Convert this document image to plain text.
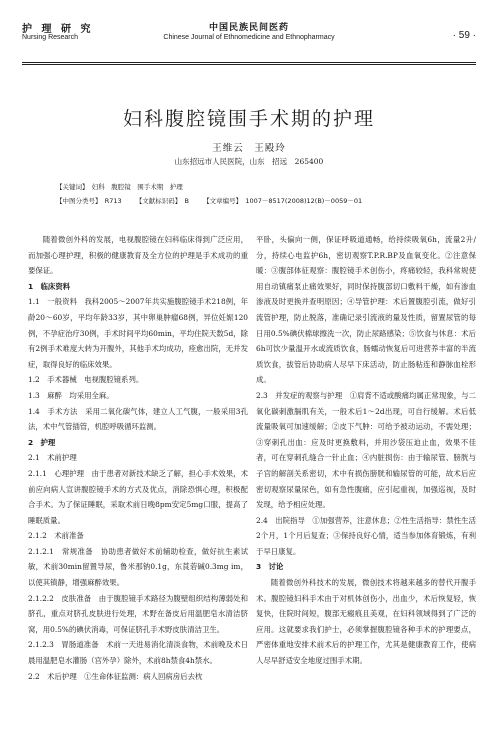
护 理 研 究
Nursing Research
中国民族民间医药
Chinese Journal of Ethnomedicine and Ethnopharmacy	· 59 ·
妇科腹腔镜围手术期的护理
王维云　王殿玲
山东招远市人民医院，山东　招远　265400
【关键词】　妇科　腹腔镜　围手术期　护理
【中图分类号】　R713 【文献标识码】　B 【文章编号】　1007－8517(2008)12(B)－0059－01

随着微创外科的发展，电视腹腔镜在妇科临床得到广泛应用，而加强心理护理，积极的健康教育及全方位的护理是手术成功的重要保证。

1　临床资料

1.1　一般资料　我科2005～2007年共实施腹腔镜手术218例，年龄20～60岁，平均年龄33岁，其中卵巢肿瘤68例，异位妊娠120例，不孕症治疗30例，手术时间平均60min，平均住院天数5d，除有2例手术难度大转为开腹外，其他手术均成功，痊愈出院，无并发症，取得良好的临床效果。

1.2　手术器械　电视腹腔镜系列。

1.3　麻醉　均采用全麻。

1.4　手术方法　采用二氧化碳气体，建立人工气腹，一般采用3孔法，术中气管插管，机腔呼吸循环监测。

2　护理

2.1　术前护理

2.1.1　心理护理　由于患者对新技术缺乏了解，担心手术效果，术前应向病人宣讲腹腔镜手术的方式及优点，消除恐惧心理，积极配合手术。为了保证睡眠，采取术前日晚8pm安定5mg口服，提高了睡眠质量。

2.1.2　术前准备

2.1.2.1　常规准备　协助患者做好术前辅助检查，做好抗生素试敏，术前30min留置导尿，鲁米那钠0.1g，东莨菪碱0.3mg im，以使其镇静，增强麻醉效果。

2.1.2.2　皮肤准备　由于腹腔镜手术路径为腹壁组织结构薄弱处和脐孔，重点对脐孔皮肤进行处理，术野在备皮后用温肥皂水清洁脐窝，用0.5%的碘伏消毒，可保证脐孔手术野皮肤清洁卫生。

2.1.2.3　胃肠道准备　术前一天进易消化清淡食物，术前晚及术日晨用温肥皂水灌肠（宫外孕）除外，术前8h禁食4h禁水。

2.2　术后护理　①生命体征监测：病人回病房后去枕

平卧，头偏向一侧，保证呼吸道通畅，给持续吸氧6h，流量2升/分，持续心电监护6h，密切观察T.P.R.BP及血氧变化。②注意保暖：③腹部体征观察：腹腔镜手术创伤小，疼痛较轻，我科常规使用自动镇痛泵止痛效果好，同时保持腹部切口敷料干燥，如有渗血渗液及时更换并查明原因；④导管护理：术后置腹腔引流，做好引流管护理，防止脱落，准确记录引流液的量及性质，留置尿管的每日用0.5%碘伏棉球擦洗一次，防止尿路感染；⑤饮食与休息：术后6h可饮少量温开水或流质饮食，肠蠕动恢复后可进营养丰富的半流质饮食，拔管后协助病人尽早下床活动，防止肠粘连和静脉血栓形成。

2.3　并发症的观察与护理　①肩背不适或酸痛均属正常现象，与二氧化碳刺激膈肌有关，一般术后1～2d出现，可自行缓解。术后低流量吸氧可加速缓解；②皮下气肿：可给予被动运动，不需处理；③穿刺孔出血：应及时更换敷料，并用沙袋压迫止血，效果不佳者，可在穿刺孔缝合一针止血；④内脏损伤：由于输尿管、膀胱与子宫的解剖关系密切，术中有损伤膀胱和输尿管的可能，故术后应密切观察尿量尿色，如有急性腹痛，应引起重视，加强巡视，及时发现，给予相应处理。

2.4　出院指导　①加强营养，注意休息；②性生活指导：禁性生活2个月，1个月后复查；③保持良好心情，适当参加体育锻炼，有利于早日康复。

3　讨论

随着微创外科技术的发展，微创技术将越来越多的替代开腹手术。腹腔镜妇科手术由于对机体创伤小，出血少，术后恢复轻，恢复快，住院时间短，腹部无瘢痕且美观，在妇科领域得到了广泛的应用。这就要求我们护士，必须掌握腹腔镜各种手术的护理要点，严密体重地安排术前术后的护理工作，尤其是健康教育工作，使病人尽早舒适安全地度过围手术期。
